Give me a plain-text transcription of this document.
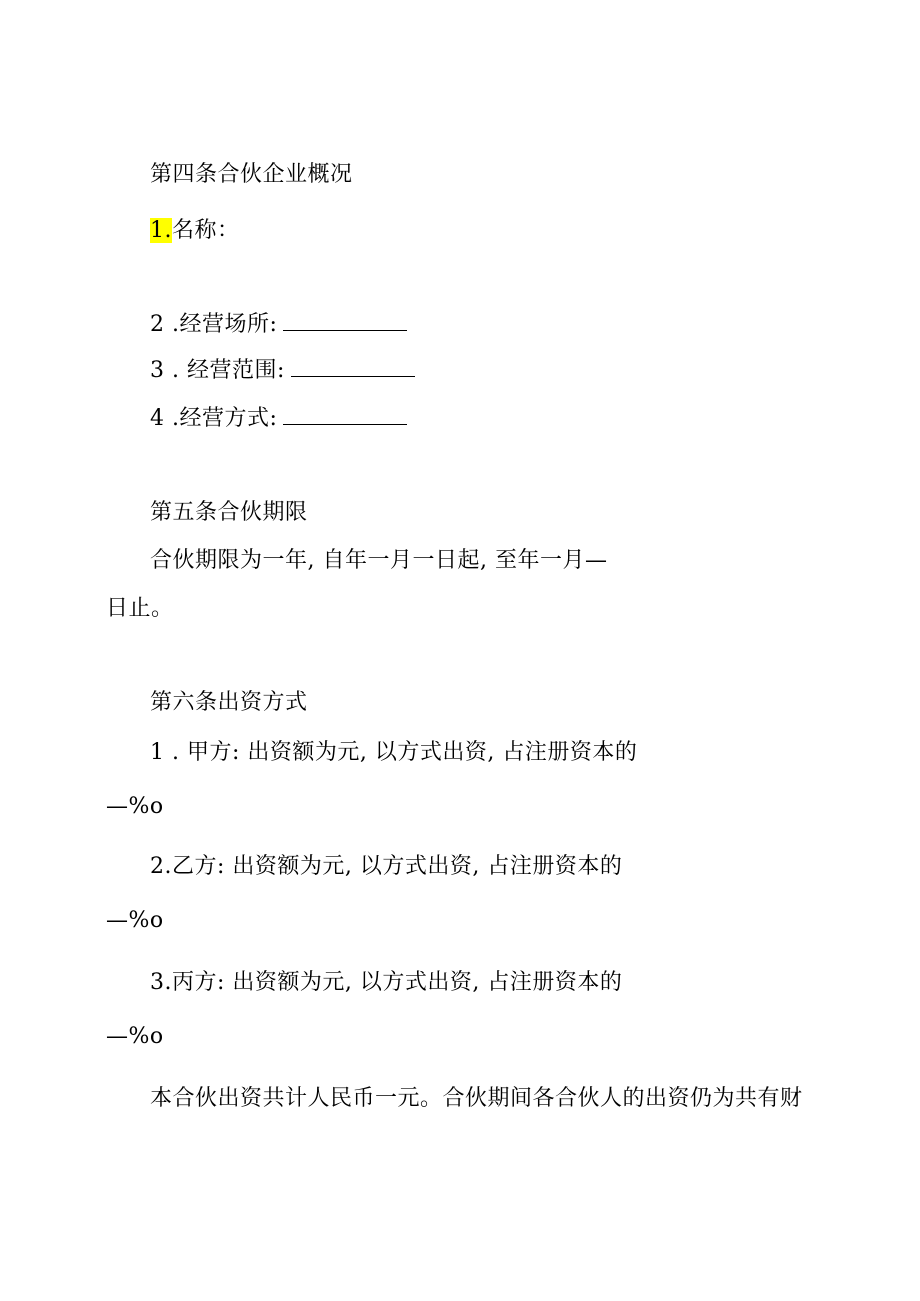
第四条合伙企业概况
1.名称：
2 .经营场所:
3 . 经营范围:
4 .经营方式:
第五条合伙期限
合伙期限为一年, 自年一月一日起, 至年一月—
日止。
第六条出资方式
1 . 甲方: 出资额为元, 以方式出资, 占注册资本的
—%o
2.乙方: 出资额为元, 以方式出资, 占注册资本的
—%o
3.丙方: 出资额为元, 以方式出资, 占注册资本的
—%o
本合伙出资共计人民币一元。合伙期间各合伙人的出资仍为共有财
